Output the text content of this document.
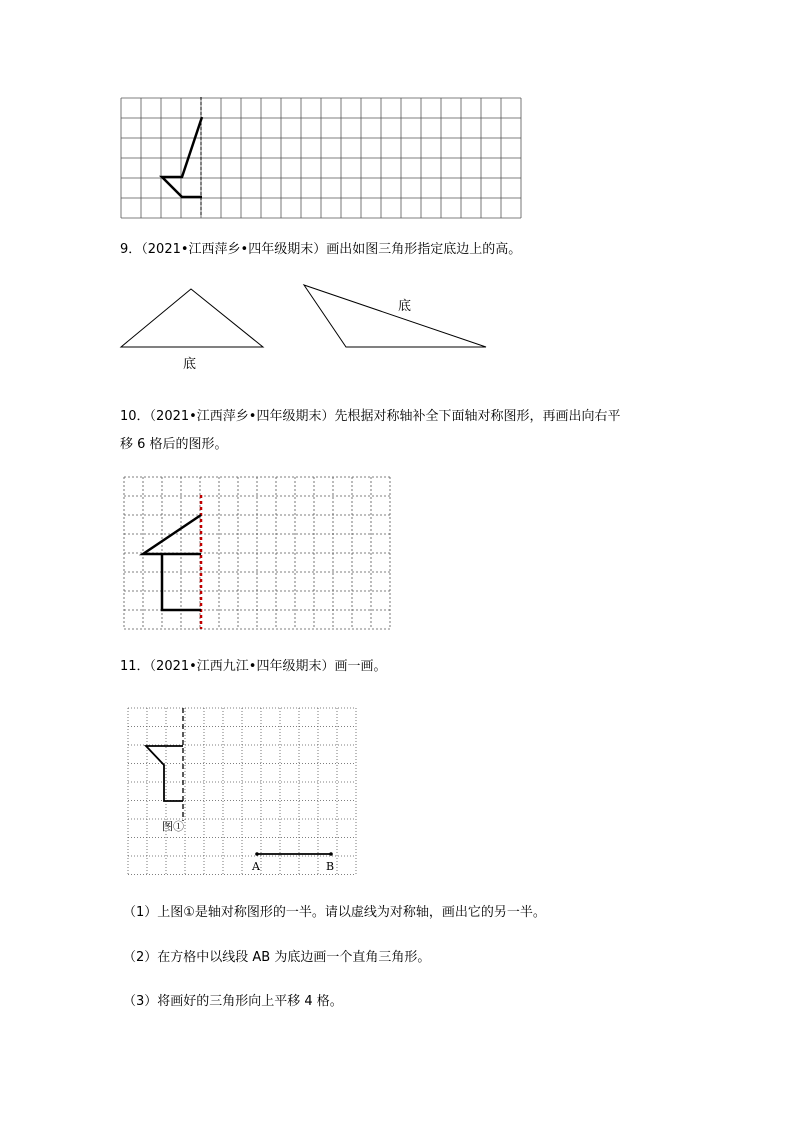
9．（2021•江西萍乡•四年级期末）画出如图三角形指定底边上的高。
底
底
10．（2021•江西萍乡•四年级期末）先根据对称轴补全下面轴对称图形，再画出向右平
移 6 格后的图形。
11．（2021•江西九江•四年级期末）画一画。
图①
A	B
（1）上图①是轴对称图形的一半。请以虚线为对称轴，画出它的另一半。
（2）在方格中以线段 AB 为底边画一个直角三角形。
（3）将画好的三角形向上平移 4 格。
